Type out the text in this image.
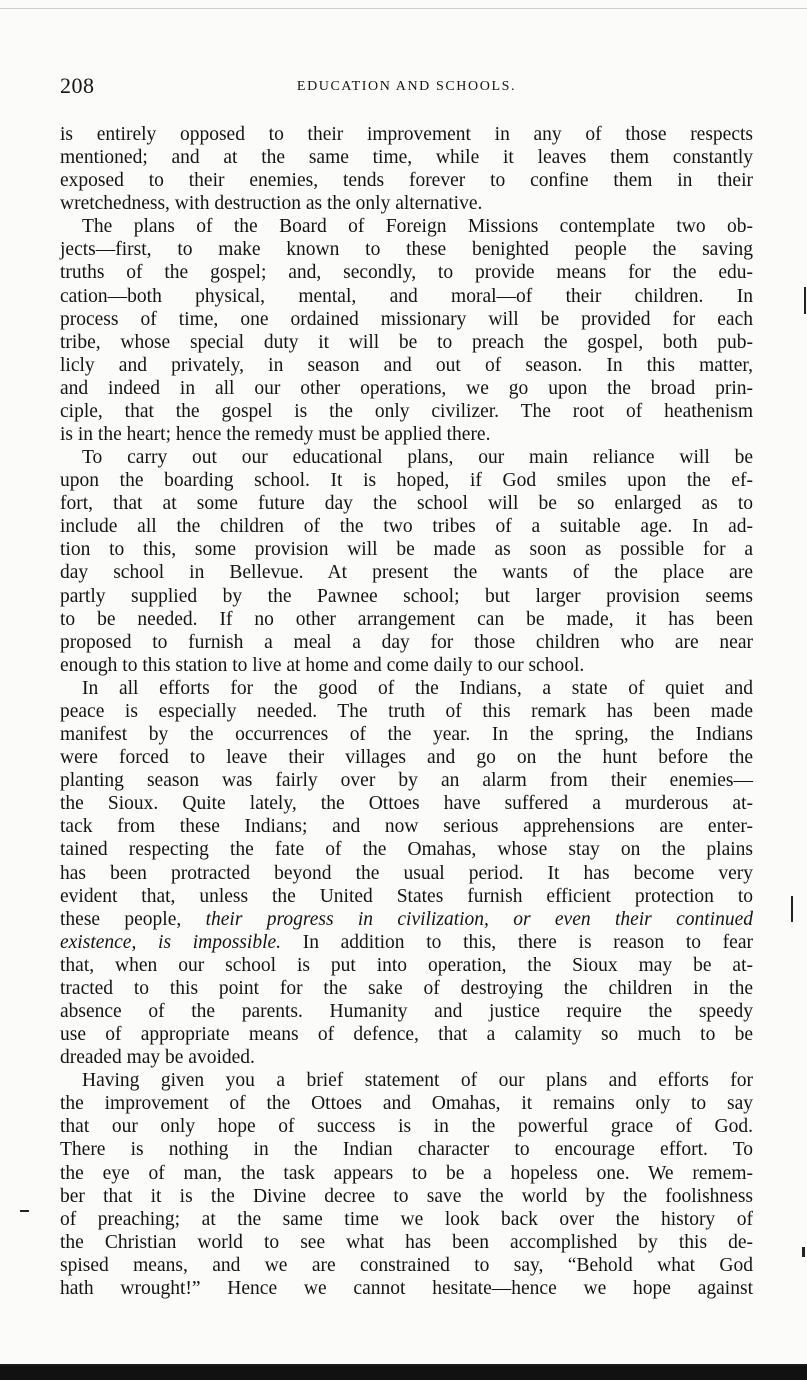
208	EDUCATION AND SCHOOLS.
is entirely opposed to their improvement in any of those respects
mentioned; and at the same time, while it leaves them constantly
exposed to their enemies, tends forever to confine them in their
wretchedness, with destruction as the only alternative.
The plans of the Board of Foreign Missions contemplate two ob-
jects—first, to make known to these benighted people the saving
truths of the gospel; and, secondly, to provide means for the edu-
cation—both physical, mental, and moral—of their children. In
process of time, one ordained missionary will be provided for each
tribe, whose special duty it will be to preach the gospel, both pub-
licly and privately, in season and out of season. In this matter,
and indeed in all our other operations, we go upon the broad prin-
ciple, that the gospel is the only civilizer. The root of heathenism
is in the heart; hence the remedy must be applied there.
To carry out our educational plans, our main reliance will be
upon the boarding school. It is hoped, if God smiles upon the ef-
fort, that at some future day the school will be so enlarged as to
include all the children of the two tribes of a suitable age. In ad-
tion to this, some provision will be made as soon as possible for a
day school in Bellevue. At present the wants of the place are
partly supplied by the Pawnee school; but larger provision seems
to be needed. If no other arrangement can be made, it has been
proposed to furnish a meal a day for those children who are near
enough to this station to live at home and come daily to our school.
In all efforts for the good of the Indians, a state of quiet and
peace is especially needed. The truth of this remark has been made
manifest by the occurrences of the year. In the spring, the Indians
were forced to leave their villages and go on the hunt before the
planting season was fairly over by an alarm from their enemies—
the Sioux. Quite lately, the Ottoes have suffered a murderous at-
tack from these Indians; and now serious apprehensions are enter-
tained respecting the fate of the Omahas, whose stay on the plains
has been protracted beyond the usual period. It has become very
evident that, unless the United States furnish efficient protection to
these people, their progress in civilization, or even their continued
existence, is impossible. In addition to this, there is reason to fear
that, when our school is put into operation, the Sioux may be at-
tracted to this point for the sake of destroying the children in the
absence of the parents. Humanity and justice require the speedy
use of appropriate means of defence, that a calamity so much to be
dreaded may be avoided.
Having given you a brief statement of our plans and efforts for
the improvement of the Ottoes and Omahas, it remains only to say
that our only hope of success is in the powerful grace of God.
There is nothing in the Indian character to encourage effort. To
the eye of man, the task appears to be a hopeless one. We remem-
ber that it is the Divine decree to save the world by the foolishness
of preaching; at the same time we look back over the history of
the Christian world to see what has been accomplished by this de-
spised means, and we are constrained to say, “Behold what God
hath wrought!” Hence we cannot hesitate—hence we hope against
